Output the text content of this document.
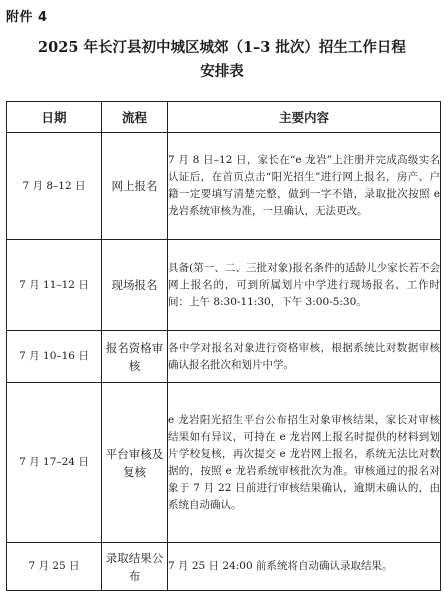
附件 4
2025 年长汀县初中城区城郊（1–3 批次）招生工作日程
安排表
日期	流程	主要内容
7 月 8–12 日	网上报名	7 月 8 日–12 日，家长在“e 龙岩”上注册并完成高级实名认证后，在首页点击“阳光招生”进行网上报名，房产、户籍一定要填写清楚完整，做到一字不错，录取批次按照 e 龙岩系统审核为准，一旦确认，无法更改。
7 月 11–12 日	现场报名	具备(第一、二、三批对象)报名条件的适龄儿少家长若不会网上报名的，可到所属划片中学进行现场报名，工作时间：上午 8:30-11:30，下午 3:00-5:30。
7 月 10–16 日	报名资格审核	各中学对报名对象进行资格审核，根据系统比对数据审核确认报名批次和划片中学。
7 月 17–24 日	平台审核及复核	e 龙岩阳光招生平台公布招生对象审核结果，家长对审核结果如有异议，可持在 e 龙岩网上报名时提供的材料到划片学校复核，再次提交 e 龙岩网上报名，系统无法比对数据的，按照 e 龙岩系统审核批次为准。审核通过的报名对象于 7 月 22 日前进行审核结果确认，逾期未确认的，由系统自动确认。
7 月 25 日	录取结果公布	7 月 25 日 24:00 前系统将自动确认录取结果。
